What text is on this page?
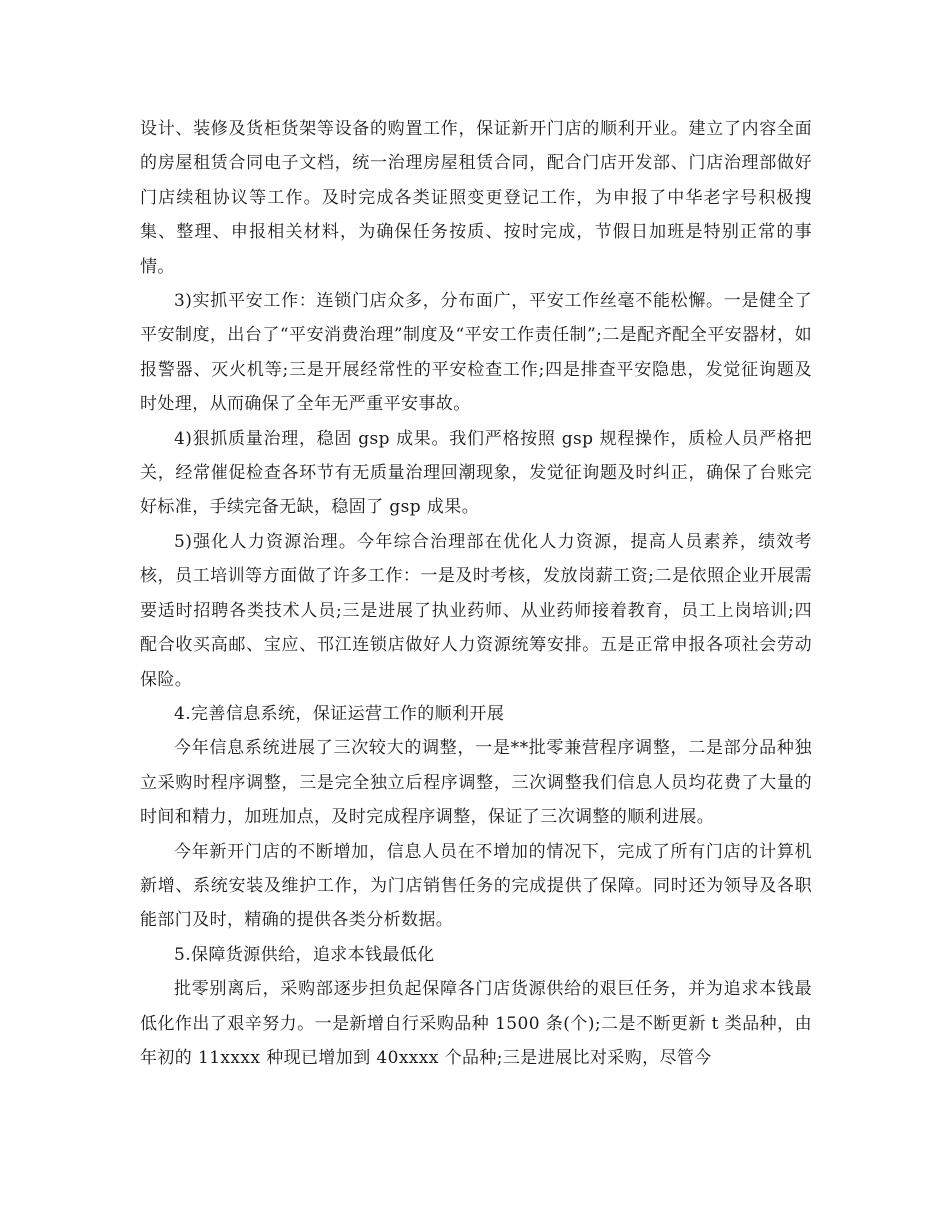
设计、装修及货柜货架等设备的购置工作，保证新开门店的顺利开业。建立了内容全面的房屋租赁合同电子文档，统一治理房屋租赁合同，配合门店开发部、门店治理部做好门店续租协议等工作。及时完成各类证照变更登记工作，为申报了中华老字号积极搜集、整理、申报相关材料，为确保任务按质、按时完成，节假日加班是特别正常的事情。

3)实抓平安工作：连锁门店众多，分布面广，平安工作丝毫不能松懈。一是健全了平安制度，出台了“平安消费治理”制度及“平安工作责任制”;二是配齐配全平安器材，如报警器、灭火机等;三是开展经常性的平安检查工作;四是排查平安隐患，发觉征询题及时处理，从而确保了全年无严重平安事故。

4)狠抓质量治理，稳固 gsp 成果。我们严格按照 gsp 规程操作，质检人员严格把关，经常催促检查各环节有无质量治理回潮现象，发觉征询题及时纠正，确保了台账完好标准，手续完备无缺，稳固了 gsp 成果。

5)强化人力资源治理。今年综合治理部在优化人力资源，提高人员素养，绩效考核，员工培训等方面做了许多工作：一是及时考核，发放岗薪工资;二是依照企业开展需要适时招聘各类技术人员;三是进展了执业药师、从业药师接着教育，员工上岗培训;四配合收买高邮、宝应、邗江连锁店做好人力资源统筹安排。五是正常申报各项社会劳动保险。

4.完善信息系统，保证运营工作的顺利开展

今年信息系统进展了三次较大的调整，一是**批零兼营程序调整，二是部分品种独立采购时程序调整，三是完全独立后程序调整，三次调整我们信息人员均花费了大量的时间和精力，加班加点，及时完成程序调整，保证了三次调整的顺利进展。

今年新开门店的不断增加，信息人员在不增加的情况下，完成了所有门店的计算机新增、系统安装及维护工作，为门店销售任务的完成提供了保障。同时还为领导及各职能部门及时，精确的提供各类分析数据。

5.保障货源供给，追求本钱最低化

批零别离后，采购部逐步担负起保障各门店货源供给的艰巨任务，并为追求本钱最低化作出了艰辛努力。一是新增自行采购品种 1500 条(个);二是不断更新 t 类品种，由年初的 11xxxx 种现已增加到 40xxxx 个品种;三是进展比对采购，尽管今
